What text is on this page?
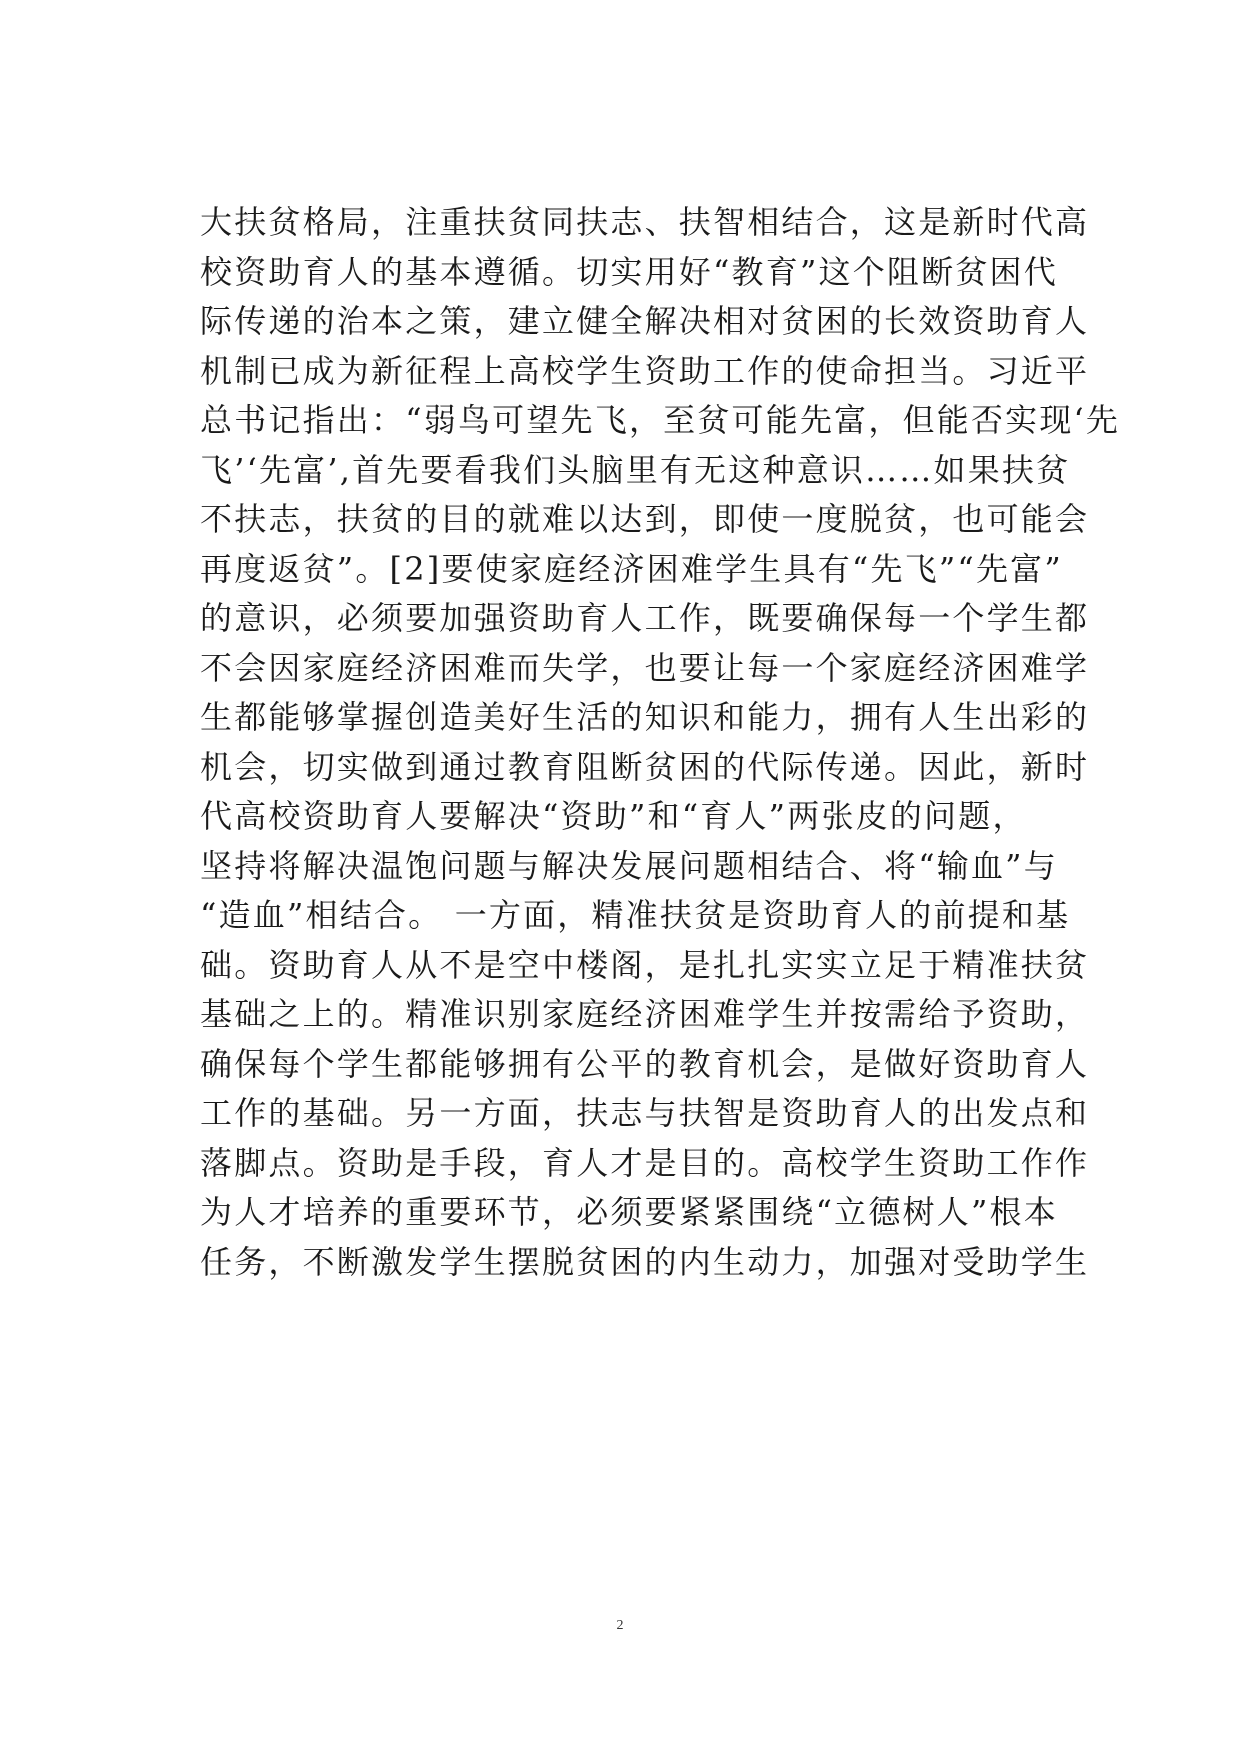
大扶贫格局，注重扶贫同扶志、扶智相结合，这是新时代高
校资助育人的基本遵循。切实用好“教育”这个阻断贫困代
际传递的治本之策，建立健全解决相对贫困的长效资助育人
机制已成为新征程上高校学生资助工作的使命担当。习近平
总书记指出：“弱鸟可望先飞，至贫可能先富，但能否实现‘先
飞’‘先富’,首先要看我们头脑里有无这种意识……如果扶贫
不扶志，扶贫的目的就难以达到，即使一度脱贫，也可能会
再度返贫”。[2]要使家庭经济困难学生具有“先飞”“先富”
的意识，必须要加强资助育人工作，既要确保每一个学生都
不会因家庭经济困难而失学，也要让每一个家庭经济困难学
生都能够掌握创造美好生活的知识和能力，拥有人生出彩的
机会，切实做到通过教育阻断贫困的代际传递。因此，新时
代高校资助育人要解决“资助”和“育人”两张皮的问题，
坚持将解决温饱问题与解决发展问题相结合、将“输血”与
“造血”相结合。 一方面，精准扶贫是资助育人的前提和基
础。资助育人从不是空中楼阁，是扎扎实实立足于精准扶贫
基础之上的。精准识别家庭经济困难学生并按需给予资助，
确保每个学生都能够拥有公平的教育机会，是做好资助育人
工作的基础。另一方面，扶志与扶智是资助育人的出发点和
落脚点。资助是手段，育人才是目的。高校学生资助工作作
为人才培养的重要环节，必须要紧紧围绕“立德树人”根本
任务，不断激发学生摆脱贫困的内生动力，加强对受助学生
2
